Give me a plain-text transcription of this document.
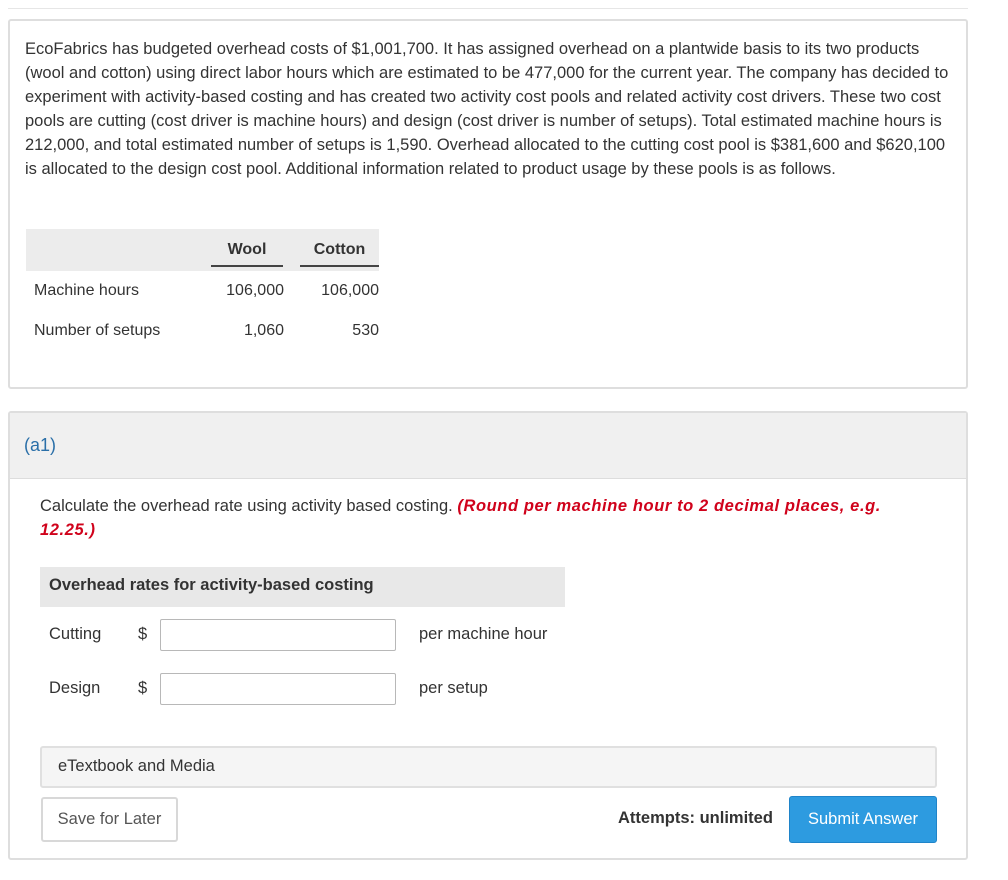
EcoFabrics has budgeted overhead costs of $1,001,700. It has assigned overhead on a plantwide basis to its two products (wool and cotton) using direct labor hours which are estimated to be 477,000 for the current year. The company has decided to experiment with activity-based costing and has created two activity cost pools and related activity cost drivers. These two cost pools are cutting (cost driver is machine hours) and design (cost driver is number of setups). Total estimated machine hours is 212,000, and total estimated number of setups is 1,590. Overhead allocated to the cutting cost pool is $381,600 and $620,100 is allocated to the design cost pool. Additional information related to product usage by these pools is as follows.

	Wool	Cotton
Machine hours	106,000	106,000
Number of setups	1,060	530
(a1)
Calculate the overhead rate using activity based costing. (Round per machine hour to 2 decimal places, e.g. 12.25.)
Overhead rates for activity-based costing
Cutting $	per machine hour
Design $	per setup
eTextbook and Media
Save for Later	Attempts: unlimited	Submit Answer
